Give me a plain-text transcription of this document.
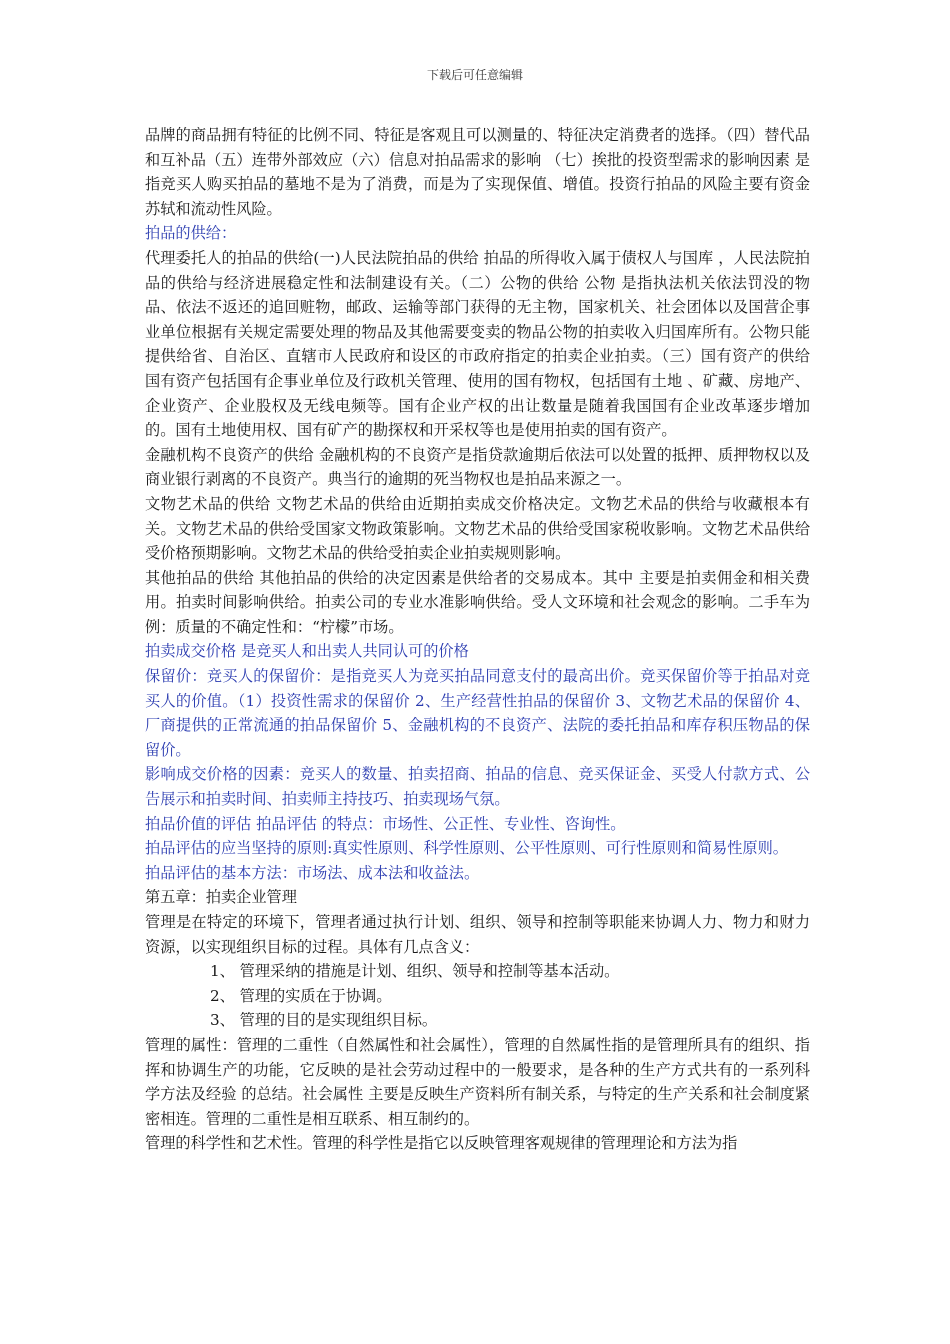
下载后可任意编辑

品牌的商品拥有特征的比例不同、特征是客观且可以测量的、特征决定消费者的选择。（四）替代品和互补品（五）连带外部效应（六）信息对拍品需求的影响 （七）挨批的投资型需求的影响因素 是指竞买人购买拍品的墓地不是为了消费，而是为了实现保值、增值。投资行拍品的风险主要有资金苏轼和流动性风险。

拍品的供给：

代理委托人的拍品的供给(一)人民法院拍品的供给 拍品的所得收入属于债权人与国库 ，人民法院拍品的供给与经济进展稳定性和法制建设有关。（二）公物的供给 公物 是指执法机关依法罚没的物品、依法不返还的追回赃物，邮政、运输等部门获得的无主物，国家机关、社会团体以及国营企事业单位根据有关规定需要处理的物品及其他需要变卖的物品公物的拍卖收入归国库所有。公物只能提供给省、自治区、直辖市人民政府和设区的市政府指定的拍卖企业拍卖。（三）国有资产的供给 国有资产包括国有企事业单位及行政机关管理、使用的国有物权，包括国有土地 、矿藏、房地产、企业资产、企业股权及无线电频等。国有企业产权的出让数量是随着我国国有企业改革逐步增加的。国有土地使用权、国有矿产的勘探权和开采权等也是使用拍卖的国有资产。

金融机构不良资产的供给 金融机构的不良资产是指贷款逾期后依法可以处置的抵押、质押物权以及商业银行剥离的不良资产。典当行的逾期的死当物权也是拍品来源之一。

文物艺术品的供给 文物艺术品的供给由近期拍卖成交价格决定。文物艺术品的供给与收藏根本有关。文物艺术品的供给受国家文物政策影响。文物艺术品的供给受国家税收影响。文物艺术品供给受价格预期影响。文物艺术品的供给受拍卖企业拍卖规则影响。

其他拍品的供给 其他拍品的供给的决定因素是供给者的交易成本。其中 主要是拍卖佣金和相关费用。拍卖时间影响供给。拍卖公司的专业水准影响供给。受人文环境和社会观念的影响。二手车为例：质量的不确定性和：“柠檬”市场。

拍卖成交价格 是竞买人和出卖人共同认可的价格

保留价：竞买人的保留价：是指竞买人为竞买拍品同意支付的最高出价。竞买保留价等于拍品对竞买人的价值。（1）投资性需求的保留价 2、生产经营性拍品的保留价 3、文物艺术品的保留价 4、厂商提供的正常流通的拍品保留价 5、金融机构的不良资产、法院的委托拍品和库存积压物品的保留价。

影响成交价格的因素：竞买人的数量、拍卖招商、拍品的信息、竞买保证金、买受人付款方式、公告展示和拍卖时间、拍卖师主持技巧、拍卖现场气氛。

拍品价值的评估 拍品评估 的特点：市场性、公正性、专业性、咨询性。

拍品评估的应当坚持的原则:真实性原则、科学性原则、公平性原则、可行性原则和简易性原则。

拍品评估的基本方法：市场法、成本法和收益法。

第五章：拍卖企业管理

管理是在特定的环境下，管理者通过执行计划、组织、领导和控制等职能来协调人力、物力和财力资源，以实现组织目标的过程。具体有几点含义：

1、 管理采纳的措施是计划、组织、领导和控制等基本活动。

2、 管理的实质在于协调。

3、 管理的目的是实现组织目标。

管理的属性：管理的二重性（自然属性和社会属性），管理的自然属性指的是管理所具有的组织、指挥和协调生产的功能，它反映的是社会劳动过程中的一般要求，是各种的生产方式共有的一系列科学方法及经验 的总结。社会属性 主要是反映生产资料所有制关系，与特定的生产关系和社会制度紧密相连。管理的二重性是相互联系、相互制约的。

管理的科学性和艺术性。管理的科学性是指它以反映管理客观规律的管理理论和方法为指
